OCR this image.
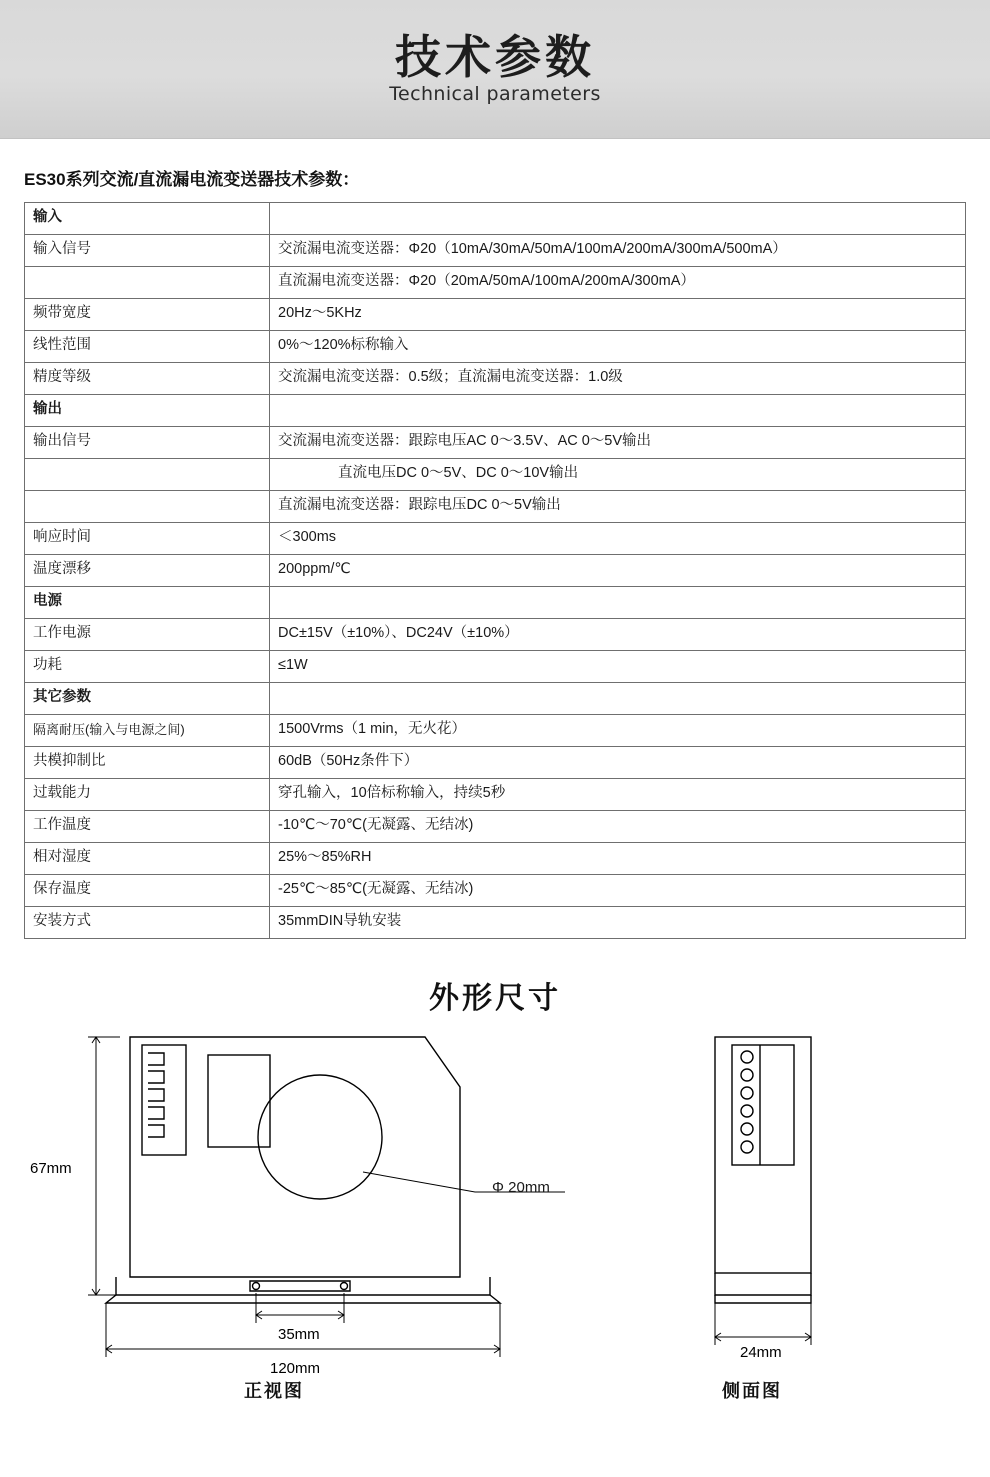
技术参数
Technical parameters
ES30系列交流/直流漏电流变送器技术参数：
输入	
输入信号	交流漏电流变送器：Φ20（10mA/30mA/50mA/100mA/200mA/300mA/500mA）
	直流漏电流变送器：Φ20（20mA/50mA/100mA/200mA/300mA）
频带宽度	20Hz～5KHz
线性范围	0%～120%标称输入
精度等级	交流漏电流变送器：0.5级；直流漏电流变送器：1.0级
输出	
输出信号	交流漏电流变送器：跟踪电压AC 0～3.5V、AC 0～5V输出
	直流电压DC 0～5V、DC 0～10V输出
	直流漏电流变送器：跟踪电压DC 0～5V输出
响应时间	＜300ms
温度漂移	200ppm/℃
电源	
工作电源	DC±15V（±10%）、DC24V（±10%）
功耗	≤1W
其它参数	
隔离耐压(输入与电源之间)	1500Vrms（1 min，无火花）
共模抑制比	60dB（50Hz条件下）
过载能力	穿孔输入，10倍标称输入，持续5秒
工作温度	-10℃～70℃(无凝露、无结冰)
相对湿度	25%～85%RH
保存温度	-25℃～85℃(无凝露、无结冰)
安装方式	35mmDIN导轨安装
外形尺寸
67mm
35mm
120mm
Φ 20mm
24mm
正视图	侧面图
